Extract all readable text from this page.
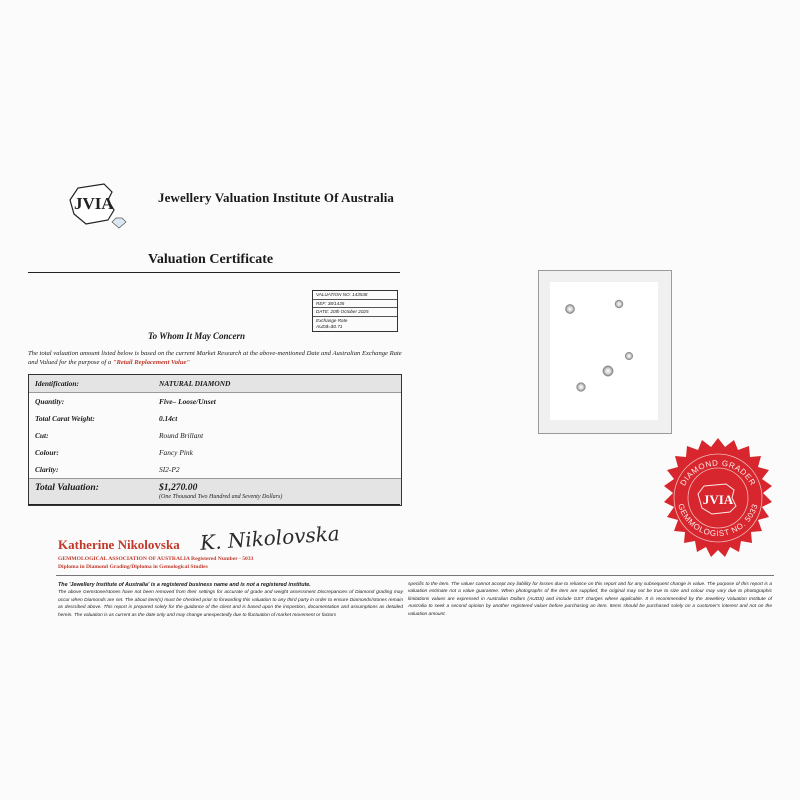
JVIA	Jewellery Valuation Institute Of Australia
Valuation Certificate
VALUATION NO: 143538
REF: 38/1435
DATE: 20th October 2025
Exchange Rate
AUD$=$0.71
To Whom It May Concern
The total valuation amount listed below is based on the current Market Research at the above-mentioned Date and Australian Exchange Rate and Valued for the purpose of a "Retail Replacement Value"
Identification:	NATURAL DIAMOND
Quantity:	Five– Loose/Unset
Total Carat Weight:	0.14ct
Cut:	Round Brillant
Colour:	Fancy Pink
Clarity:	SI2-P2
Total Valuation:	$1,270.00
(One Thousand Two Hundred and Seventy Dollars)
Katherine Nikolovska K. Nikolovska
GEMMOLOGICAL ASSOCIATION OF AUSTRALIA Registered Number - 5033
Diploma in Diamond Grading/Diploma in Gemological Studies
The 'Jewellery Institute of Australia' is a registered business name and is not a registered institute.
The above Gemstone/stones have not been removed from their settings for accurate of grade and weight assessment Discrepancies of Diamond grading may occur when Diamonds are set. The about item(s) must be checked prior to forwarding this valuation to any third party in order to ensure Diamonds/stones remain as described above. This report is prepared solely for the guidance of the client and is based upon the inspection, documentation and assumptions as detailed herein. The valuation is as current as the date only and may change unexpectedly due to fluctuation of market movement or factors
specific to the item. The valuer cannot accept any liability for losses due to reliance on this report and for any subsequent change in value. The purpose of this report is a valuation estimate not a value guarantee. When photographs of the item are supplied, the original may not be true to size and colour may vary due to photographic limitations values are expressed in Australian Dollars (AUDS) and include GST charges where applicable. It is recommended by the Jewellery Valuation Institute of Australia to seek a second opinion by another registered valuer before purchasing an item. Items should be purchased solely on a customer's interest and not on the valuation amount.
DIAMOND GRADER
GEMMOLOGIST NO. 5033
JVIA
